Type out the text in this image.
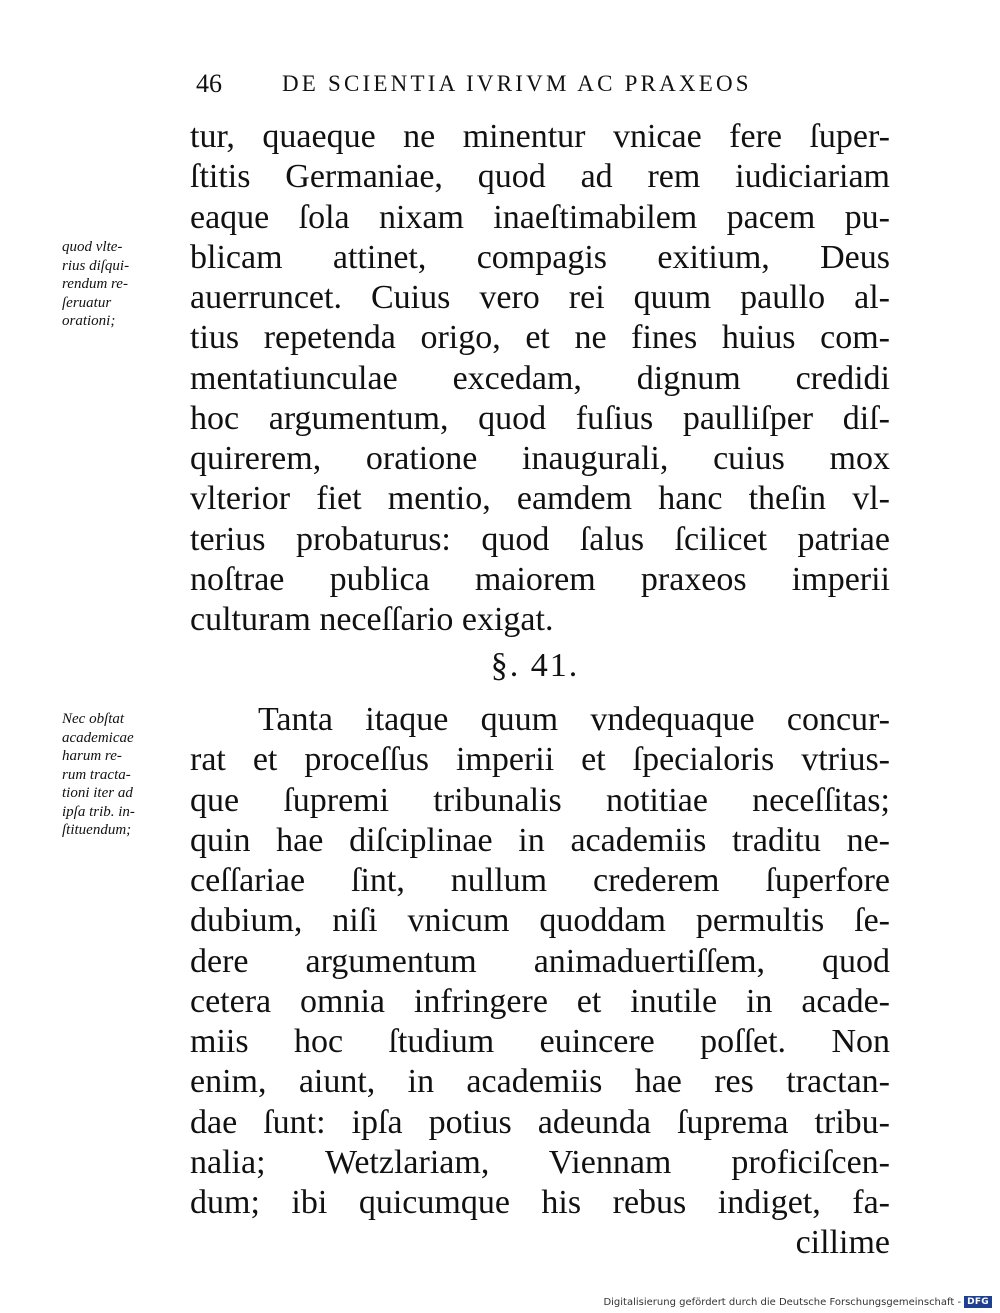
46	DE SCIENTIA IVRIVM AC PRAXEOS
quod vlte-
rius diſqui-
rendum re-
ſeruatur
orationi;
tur, quaeque ne minentur vnicae fere ſuper-
ſtitis Germaniae, quod ad rem iudiciariam
eaque ſola nixam inaeſtimabilem pacem pu-
blicam attinet, compagis exitium, Deus
auerruncet. Cuius vero rei quum paullo al-
tius repetenda origo, et ne fines huius com-
mentatiunculae excedam, dignum credidi
hoc argumentum, quod fuſius paulliſper diſ-
quirerem, oratione inaugurali, cuius mox
vlterior fiet mentio, eamdem hanc theſin vl-
terius probaturus: quod ſalus ſcilicet patriae
noſtrae publica maiorem praxeos imperii
culturam neceſſario exigat.
§. 41.
Nec obſtat
academicae
harum re-
rum tracta-
tioni iter ad
ipſa trib. in-
ſtituendum;
Tanta itaque quum vndequaque concur-
rat et proceſſus imperii et ſpecialoris vtrius-
que ſupremi tribunalis notitiae neceſſitas;
quin hae diſciplinae in academiis traditu ne-
ceſſariae ſint, nullum crederem ſuperfore
dubium, niſi vnicum quoddam permultis ſe-
dere argumentum animaduertiſſem, quod
cetera omnia infringere et inutile in acade-
miis hoc ſtudium euincere poſſet. Non
enim, aiunt, in academiis hae res tractan-
dae ſunt: ipſa potius adeunda ſuprema tribu-
nalia; Wetzlariam, Viennam proficiſcen-
dum; ibi quicumque his rebus indiget, fa-
cillime
Digitalisierung gefördert durch die Deutsche Forschungsgemeinschaft - DFG
